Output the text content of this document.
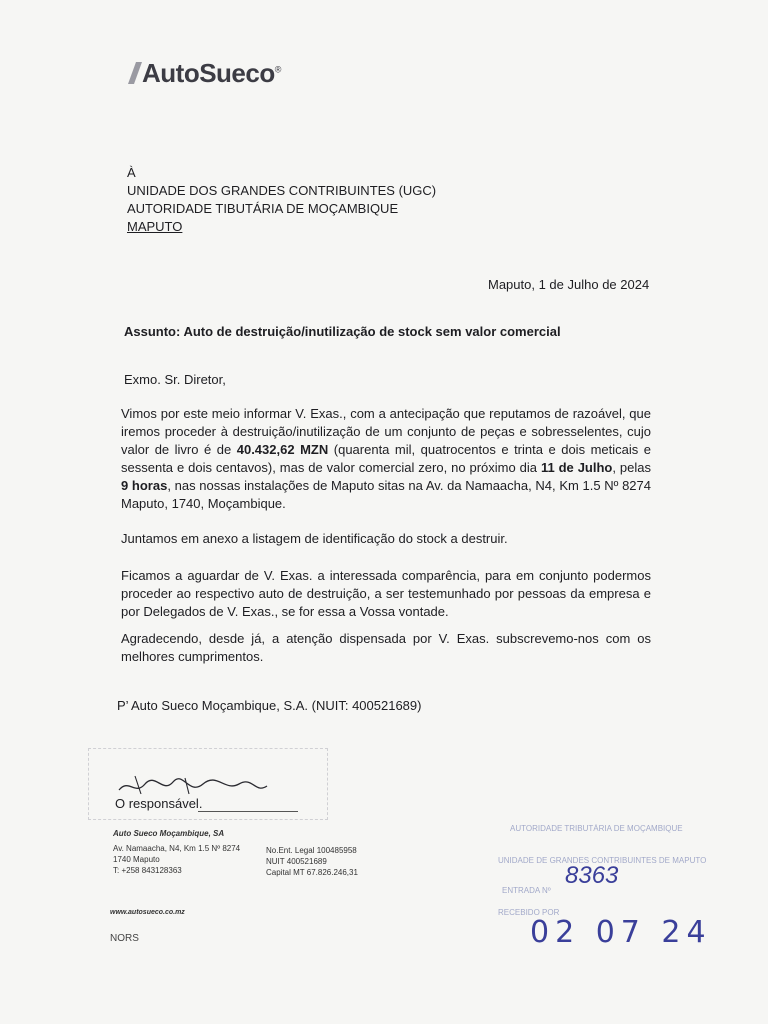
AutoSueco®
À
UNIDADE DOS GRANDES CONTRIBUINTES (UGC)
AUTORIDADE TIBUTÁRIA DE MOÇAMBIQUE
MAPUTO
Maputo, 1 de Julho de 2024
Assunto: Auto de destruição/inutilização de stock sem valor comercial
Exmo. Sr. Diretor,
Vimos por este meio informar V. Exas., com a antecipação que reputamos de razoável, que iremos proceder à destruição/inutilização de um conjunto de peças e sobresselentes, cujo valor de livro é de 40.432,62 MZN (quarenta mil, quatrocentos e trinta e dois meticais e sessenta e dois centavos), mas de valor comercial zero, no próximo dia 11 de Julho, pelas 9 horas, nas nossas instalações de Maputo sitas na Av. da Namaacha, N4, Km 1.5 Nº 8274 Maputo, 1740, Moçambique.
Juntamos em anexo a listagem de identificação do stock a destruir.
Ficamos a aguardar de V. Exas. a interessada comparência, para em conjunto podermos proceder ao respectivo auto de destruição, a ser testemunhado por pessoas da empresa e por Delegados de V. Exas., se for essa a Vossa vontade.
Agradecendo, desde já, a atenção dispensada por V. Exas. subscrevemo-nos com os melhores cumprimentos.
P’ Auto Sueco Moçambique, S.A. (NUIT: 400521689)
O responsável.
Auto Sueco Moçambique, SA
Av. Namaacha, N4, Km 1.5 Nº 8274
1740 Maputo
T: +258 843128363
No.Ent. Legal 100485958
NUIT 400521689
Capital MT 67.826.246,31
www.autosueco.co.mz
NORS
AUTORIDADE TRIBUTÁRIA DE MOÇAMBIQUE
UNIDADE DE GRANDES CONTRIBUINTES DE MAPUTO
ENTRADA Nº
RECEBIDO POR
8363
02 07 24
